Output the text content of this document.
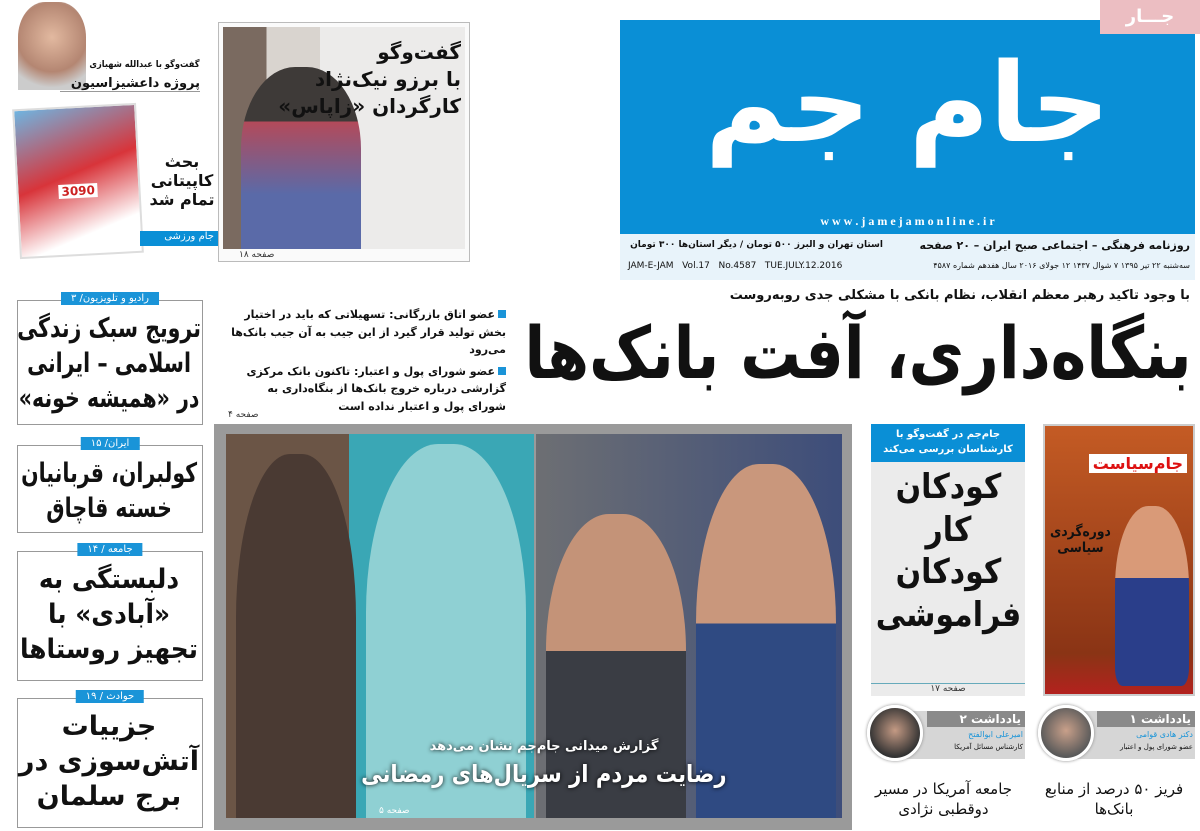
جام جم
w w w . j a m e j a m o n l i n e . i r
جـــار
روزنامه فرهنگی – اجتماعی صبح ایران – ۲۰ صفحه
استان تهران و البرز ۵۰۰ تومان / دیگر استان‌ها ۳۰۰ تومان
سه‌شنبه ۲۲ تیر ۱۳۹۵ ۷ شوال ۱۴۳۷ ۱۲ جولای ۲۰۱۶ سال هفدهم شماره ۴۵۸۷
JAM-E-JAM   Vol.17   No.4587   TUE.JULY.12.2016
گفت‌وگو با عبدالله شهبازی
پروژه داعشیزاسیون
3090
بحث کاپیتانی تمام شد
جام ورزشی
گفت‌وگو
با برزو نیک‌نژاد
کارگردان «زاپاس»
صفحه ۱۸
با وجود تاکید رهبر معظم انقلاب، نظام بانکی با مشکلی جدی روبه‌روست
بنگاه‌داری، آفت بانک‌ها
عضو اتاق بازرگانی: تسهیلاتی که باید در اختیار بخش تولید قرار گیرد از این جیب به آن جیب بانک‌ها می‌رود
عضو شورای پول و اعتبار: تاکنون بانک مرکزی گزارشی درباره خروج بانک‌ها از بنگاه‌داری به شورای پول و اعتبار نداده است
صفحه ۴
رادیو و تلویزیون/ ۳
ترویج سبک زندگی اسلامی – ایرانی در «همیشه خونه»
ایران/ ۱۵
کولبران، قربانیان خسته قاچاق
جامعه / ۱۴
دلبستگی به «آبادی» با تجهیز روستاها
حوادث / ۱۹
جزییات آتش‌سوزی در برج سلمان
گزارش میدانی جام‌جم نشان می‌دهد
رضایت مردم از سریال‌های رمضانی
صفحه ۵
جام‌جم در گفت‌وگو با کارشناسان بررسی می‌کند
کودکان کار کودکان فراموشی
صفحه ۱۷
جام‌سیاست
دوره‌گردی سیاسی
یادداشت ۱
دکتر هادی قوامی
عضو شورای پول و اعتبار
فریز ۵۰ درصد از منابع بانک‌ها
یادداشت ۲
امیرعلی ابوالفتح
کارشناس مسائل آمریکا
جامعه آمریکا در مسیر دوقطبی نژادی
